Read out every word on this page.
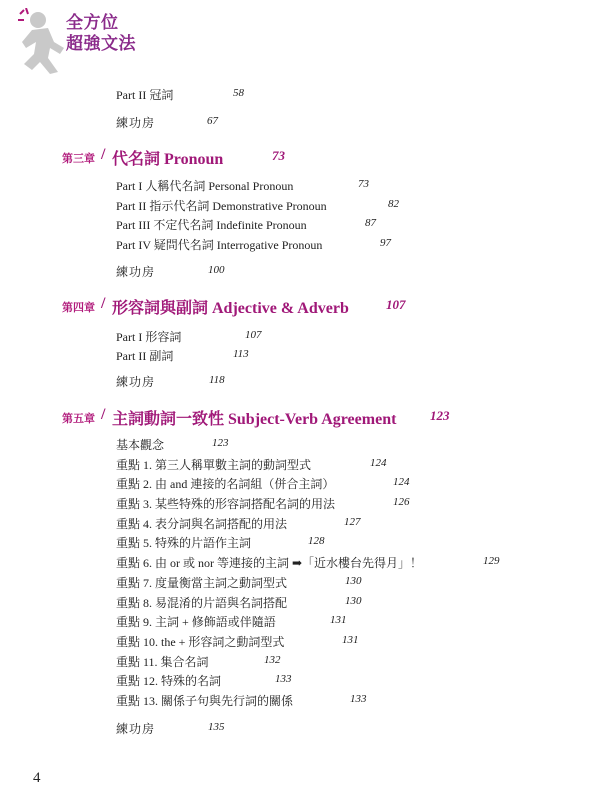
全方位
超強文法
Part II 冠詞	58
練功房	67
第三章 / 代名詞 Pronoun	73
Part I 人稱代名詞 Personal Pronoun	73
Part II 指示代名詞 Demonstrative Pronoun	82
Part III 不定代名詞 Indefinite Pronoun	87
Part IV 疑問代名詞 Interrogative Pronoun	97
練功房	100
第四章 / 形容詞與副詞 Adjective & Adverb	107
Part I 形容詞	107
Part II 副詞	113
練功房	118
第五章 / 主詞動詞一致性 Subject-Verb Agreement	123
基本觀念	123
重點 1. 第三人稱單數主詞的動詞型式	124
重點 2. 由 and 連接的名詞組（併合主詞）	124
重點 3. 某些特殊的形容詞搭配名詞的用法	126
重點 4. 表分詞與名詞搭配的用法	127
重點 5. 特殊的片語作主詞	128
重點 6. 由 or 或 nor 等連接的主詞 ➡「近水樓台先得月」！	129
重點 7. 度量衡當主詞之動詞型式	130
重點 8. 易混淆的片語與名詞搭配	130
重點 9. 主詞 + 修飾語或伴隨語	131
重點 10. the + 形容詞之動詞型式	131
重點 11. 集合名詞	132
重點 12. 特殊的名詞	133
重點 13. 關係子句與先行詞的關係	133
練功房	135
4
